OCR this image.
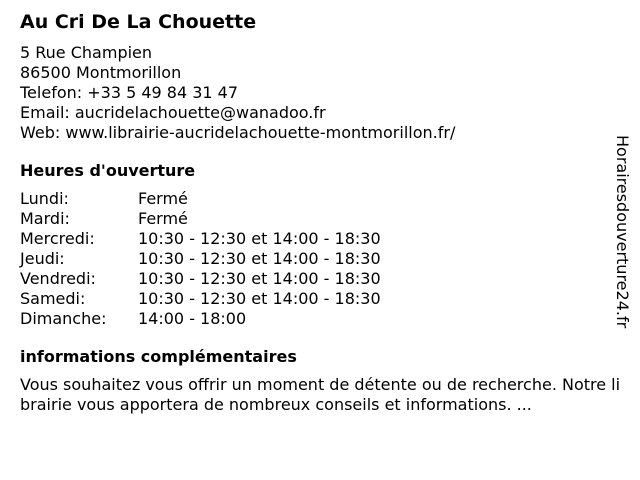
Au Cri De La Chouette
5 Rue Champien
86500 Montmorillon
Telefon: +33 5 49 84 31 47
Email: aucridelachouette@wanadoo.fr
Web: www.librairie-aucridelachouette-montmorillon.fr/
Heures d'ouverture
Lundi:	Fermé
Mardi:	Fermé
Mercredi:	10:30 - 12:30 et 14:00 - 18:30
Jeudi:	10:30 - 12:30 et 14:00 - 18:30
Vendredi:	10:30 - 12:30 et 14:00 - 18:30
Samedi:	10:30 - 12:30 et 14:00 - 18:30
Dimanche:	14:00 - 18:00
informations complémentaires
Vous souhaitez vous offrir un moment de détente ou de recherche. Notre librairie vous apportera de nombreux conseils et informations. ...
Horairesdouverture24.fr
